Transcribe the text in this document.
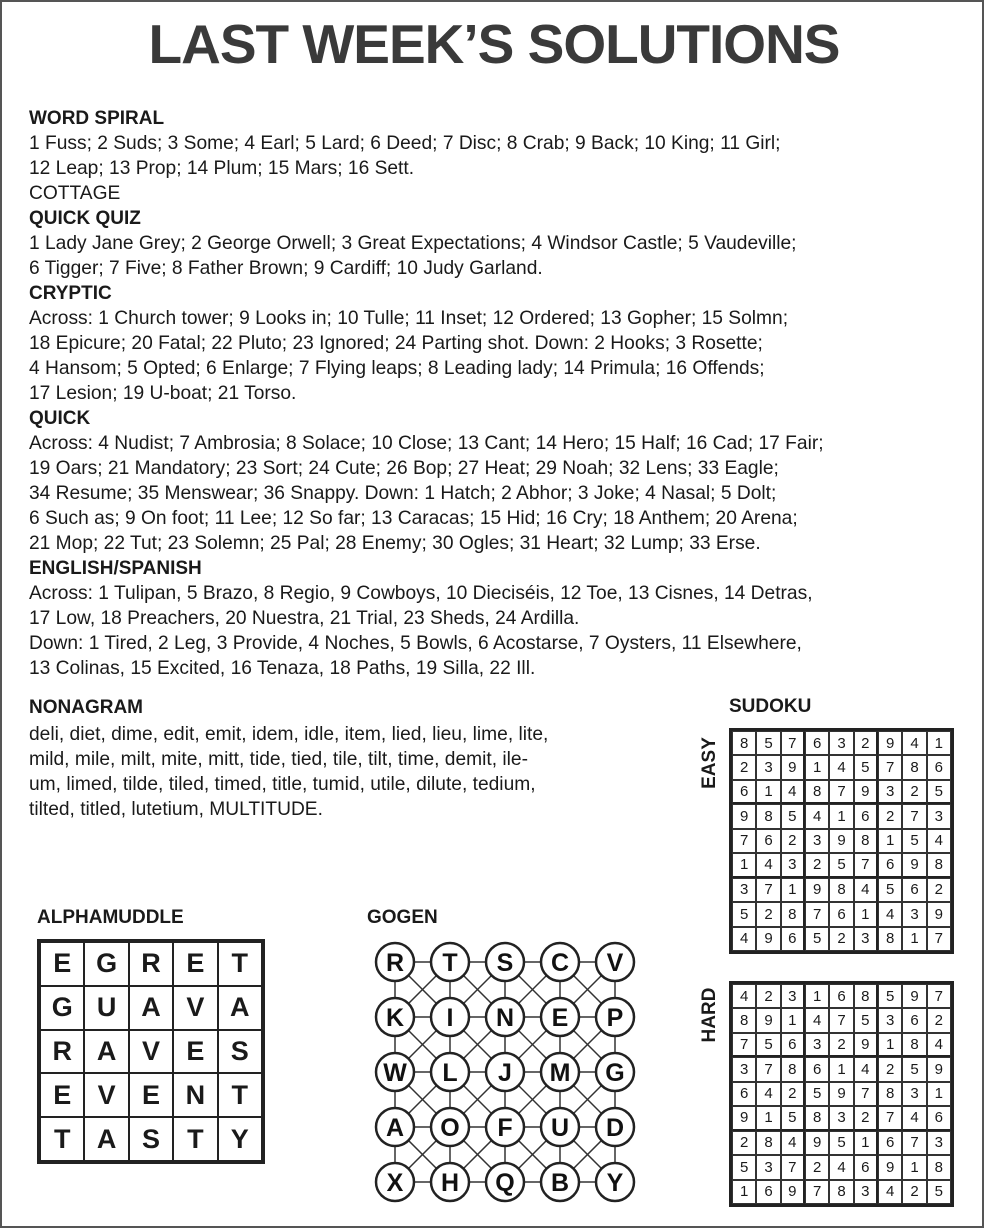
LAST WEEK’S SOLUTIONS
WORD SPIRAL
1 Fuss; 2 Suds; 3 Some; 4 Earl; 5 Lard; 6 Deed; 7 Disc; 8 Crab; 9 Back; 10 King; 11 Girl;
12 Leap; 13 Prop; 14 Plum; 15 Mars; 16 Sett.
COTTAGE
QUICK QUIZ
1 Lady Jane Grey; 2 George Orwell; 3 Great Expectations; 4 Windsor Castle; 5 Vaudeville;
6 Tigger; 7 Five; 8 Father Brown; 9 Cardiff; 10 Judy Garland.
CRYPTIC
Across: 1 Church tower; 9 Looks in; 10 Tulle; 11 Inset; 12 Ordered; 13 Gopher; 15 Solmn;
18 Epicure; 20 Fatal; 22 Pluto; 23 Ignored; 24 Parting shot. Down: 2 Hooks; 3 Rosette;
4 Hansom; 5 Opted; 6 Enlarge; 7 Flying leaps; 8 Leading lady; 14 Primula; 16 Offends;
17 Lesion; 19 U-boat; 21 Torso.
QUICK
Across: 4 Nudist; 7 Ambrosia; 8 Solace; 10 Close; 13 Cant; 14 Hero; 15 Half; 16 Cad; 17 Fair;
19 Oars; 21 Mandatory; 23 Sort; 24 Cute; 26 Bop; 27 Heat; 29 Noah; 32 Lens; 33 Eagle;
34 Resume; 35 Menswear; 36 Snappy. Down: 1 Hatch; 2 Abhor; 3 Joke; 4 Nasal; 5 Dolt;
6 Such as; 9 On foot; 11 Lee; 12 So far; 13 Caracas; 15 Hid; 16 Cry; 18 Anthem; 20 Arena;
21 Mop; 22 Tut; 23 Solemn; 25 Pal; 28 Enemy; 30 Ogles; 31 Heart; 32 Lump; 33 Erse.
ENGLISH/SPANISH
Across: 1 Tulipan, 5 Brazo, 8 Regio, 9 Cowboys, 10 Dieciséis, 12 Toe, 13 Cisnes, 14 Detras,
17 Low, 18 Preachers, 20 Nuestra, 21 Trial, 23 Sheds, 24 Ardilla.
Down: 1 Tired, 2 Leg, 3 Provide, 4 Noches, 5 Bowls, 6 Acostarse, 7 Oysters, 11 Elsewhere,
13 Colinas, 15 Excited, 16 Tenaza, 18 Paths, 19 Silla, 22 Ill.
NONAGRAM
deli, diet, dime, edit, emit, idem, idle, item, lied, lieu, lime, lite,
mild, mile, milt, mite, mitt, tide, tied, tile, tilt, time, demit, ile-
um, limed, tilde, tiled, timed, title, tumid, utile, dilute, tedium,
tilted, titled, lutetium, MULTITUDE.
SUDOKU
EASY	8	5	7	6	3	2	9	4	1
2	3	9	1	4	5	7	8	6
6	1	4	8	7	9	3	2	5
9	8	5	4	1	6	2	7	3
7	6	2	3	9	8	1	5	4
1	4	3	2	5	7	6	9	8
3	7	1	9	8	4	5	6	2
5	2	8	7	6	1	4	3	9
4	9	6	5	2	3	8	1	7
HARD	4	2	3	1	6	8	5	9	7
8	9	1	4	7	5	3	6	2
7	5	6	3	2	9	1	8	4
3	7	8	6	1	4	2	5	9
6	4	2	5	9	7	8	3	1
9	1	5	8	3	2	7	4	6
2	8	4	9	5	1	6	7	3
5	3	7	2	4	6	9	1	8
1	6	9	7	8	3	4	2	5
ALPHAMUDDLE
E G R E	T
G U A V A
R A V E S
E V E N T
T A S	T	Y
GOGEN
R T S C V
K I N E P
W L J M G
A O F U D
X H Q B Y
